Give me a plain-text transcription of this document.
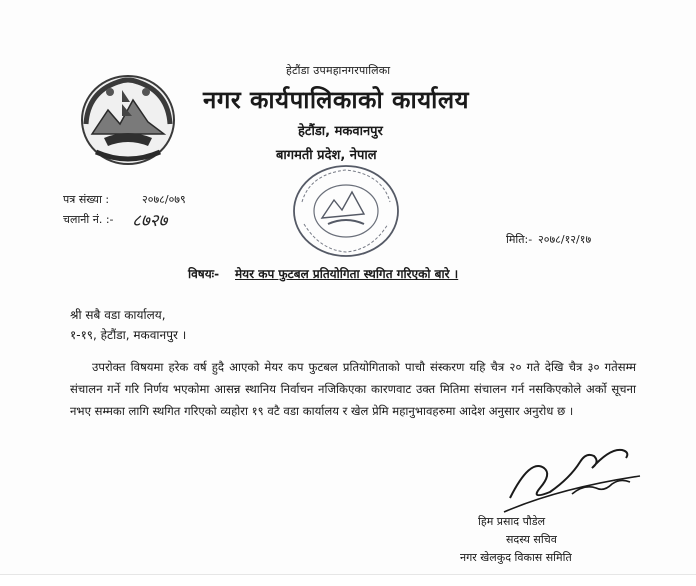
हेटौंडा उपमहानगरपालिका
नगर कार्यपालिकाको कार्यालय
हेटौंडा, मकवानपुर
बागमती प्रदेश, नेपाल
पत्र संख्या :	२०७८/०७९
चलानी नं. :- ८७२७
मिति:- २०७८/१२/१७
विषयः- मेयर कप फुटबल प्रतियोगिता स्थगित गरिएको बारे ।
श्री सबै वडा कार्यालय,
१-१९, हेटौंडा, मकवानपुर ।
उपरोक्त विषयमा हरेक वर्ष हुदै आएको मेयर कप फुटबल प्रतियोगिताको पाचौ संस्करण यहि चैत्र २० गते देखि चैत्र ३० गतेसम्म संचालन गर्ने गरि निर्णय भएकोमा आसन्न स्थानिय निर्वाचन नजिकिएका कारणवाट उक्त मितिमा संचालन गर्न नसकिएकोले अर्को सूचना नभए सम्मका लागि स्थगित गरिएको व्यहोरा १९ वटै वडा कार्यालय र खेल प्रेमि महानुभावहरुमा आदेश अनुसार अनुरोध छ ।
हिम प्रसाद पौडेल
सदस्य सचिव
नगर खेलकुद विकास समिति
